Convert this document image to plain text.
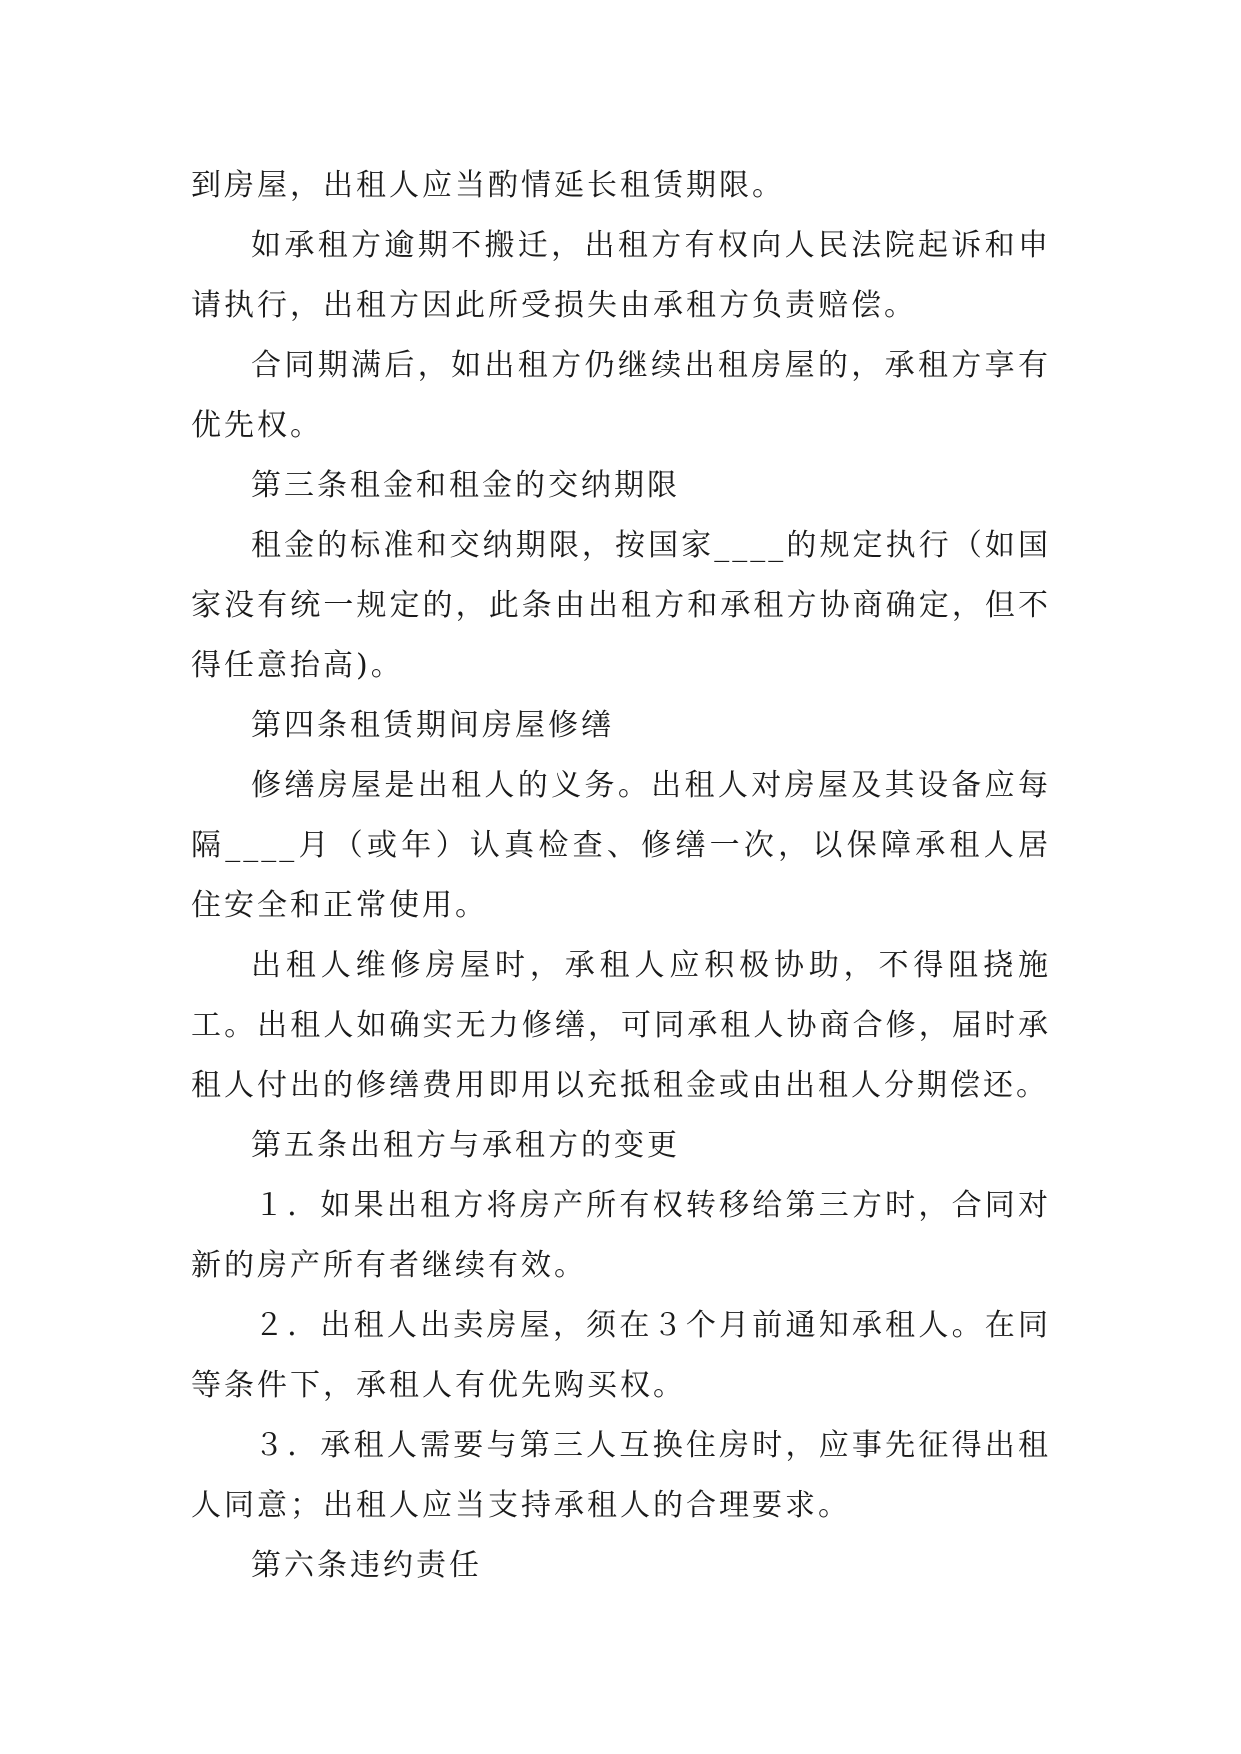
到房屋，出租人应当酌情延长租赁期限。

如承租方逾期不搬迁，出租方有权向人民法院起诉和申请执行，出租方因此所受损失由承租方负责赔偿。

合同期满后，如出租方仍继续出租房屋的，承租方享有优先权。

第三条租金和租金的交纳期限

租金的标准和交纳期限，按国家____的规定执行（如国家没有统一规定的，此条由出租方和承租方协商确定，但不得任意抬高)。

第四条租赁期间房屋修缮

修缮房屋是出租人的义务。出租人对房屋及其设备应每隔____月（或年）认真检查、修缮一次，以保障承租人居住安全和正常使用。

出租人维修房屋时，承租人应积极协助，不得阻挠施工。出租人如确实无力修缮，可同承租人协商合修，届时承租人付出的修缮费用即用以充抵租金或由出租人分期偿还。

第五条出租方与承租方的变更

１．如果出租方将房产所有权转移给第三方时，合同对新的房产所有者继续有效。

２．出租人出卖房屋，须在３个月前通知承租人。在同等条件下，承租人有优先购买权。

３．承租人需要与第三人互换住房时，应事先征得出租人同意；出租人应当支持承租人的合理要求。

第六条违约责任
